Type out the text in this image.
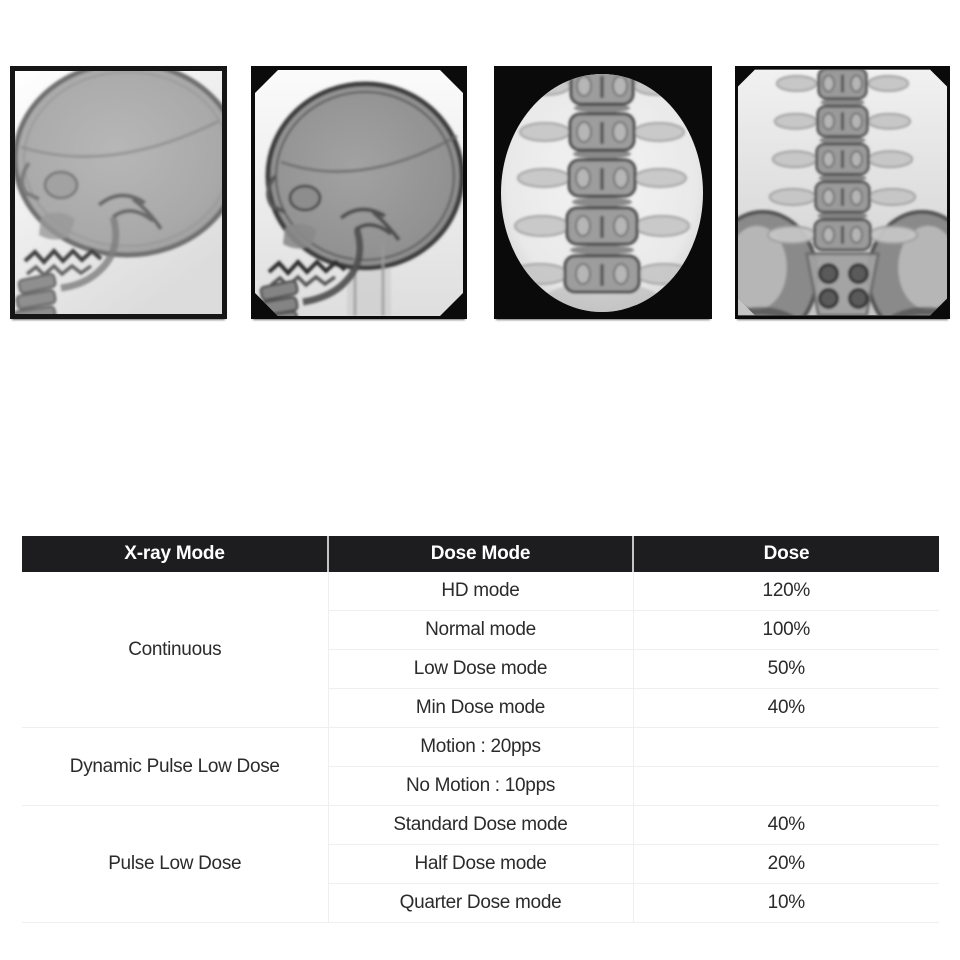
X-ray Mode	Dose Mode	Dose
Continuous	HD mode	120%
	Normal mode	100%
	Low Dose mode	50%
	Min Dose mode	40%
Dynamic Pulse Low Dose	Motion : 20pps	
	No Motion : 10pps	
Pulse Low Dose	Standard Dose mode	40%
	Half Dose mode	20%
	Quarter Dose mode	10%
